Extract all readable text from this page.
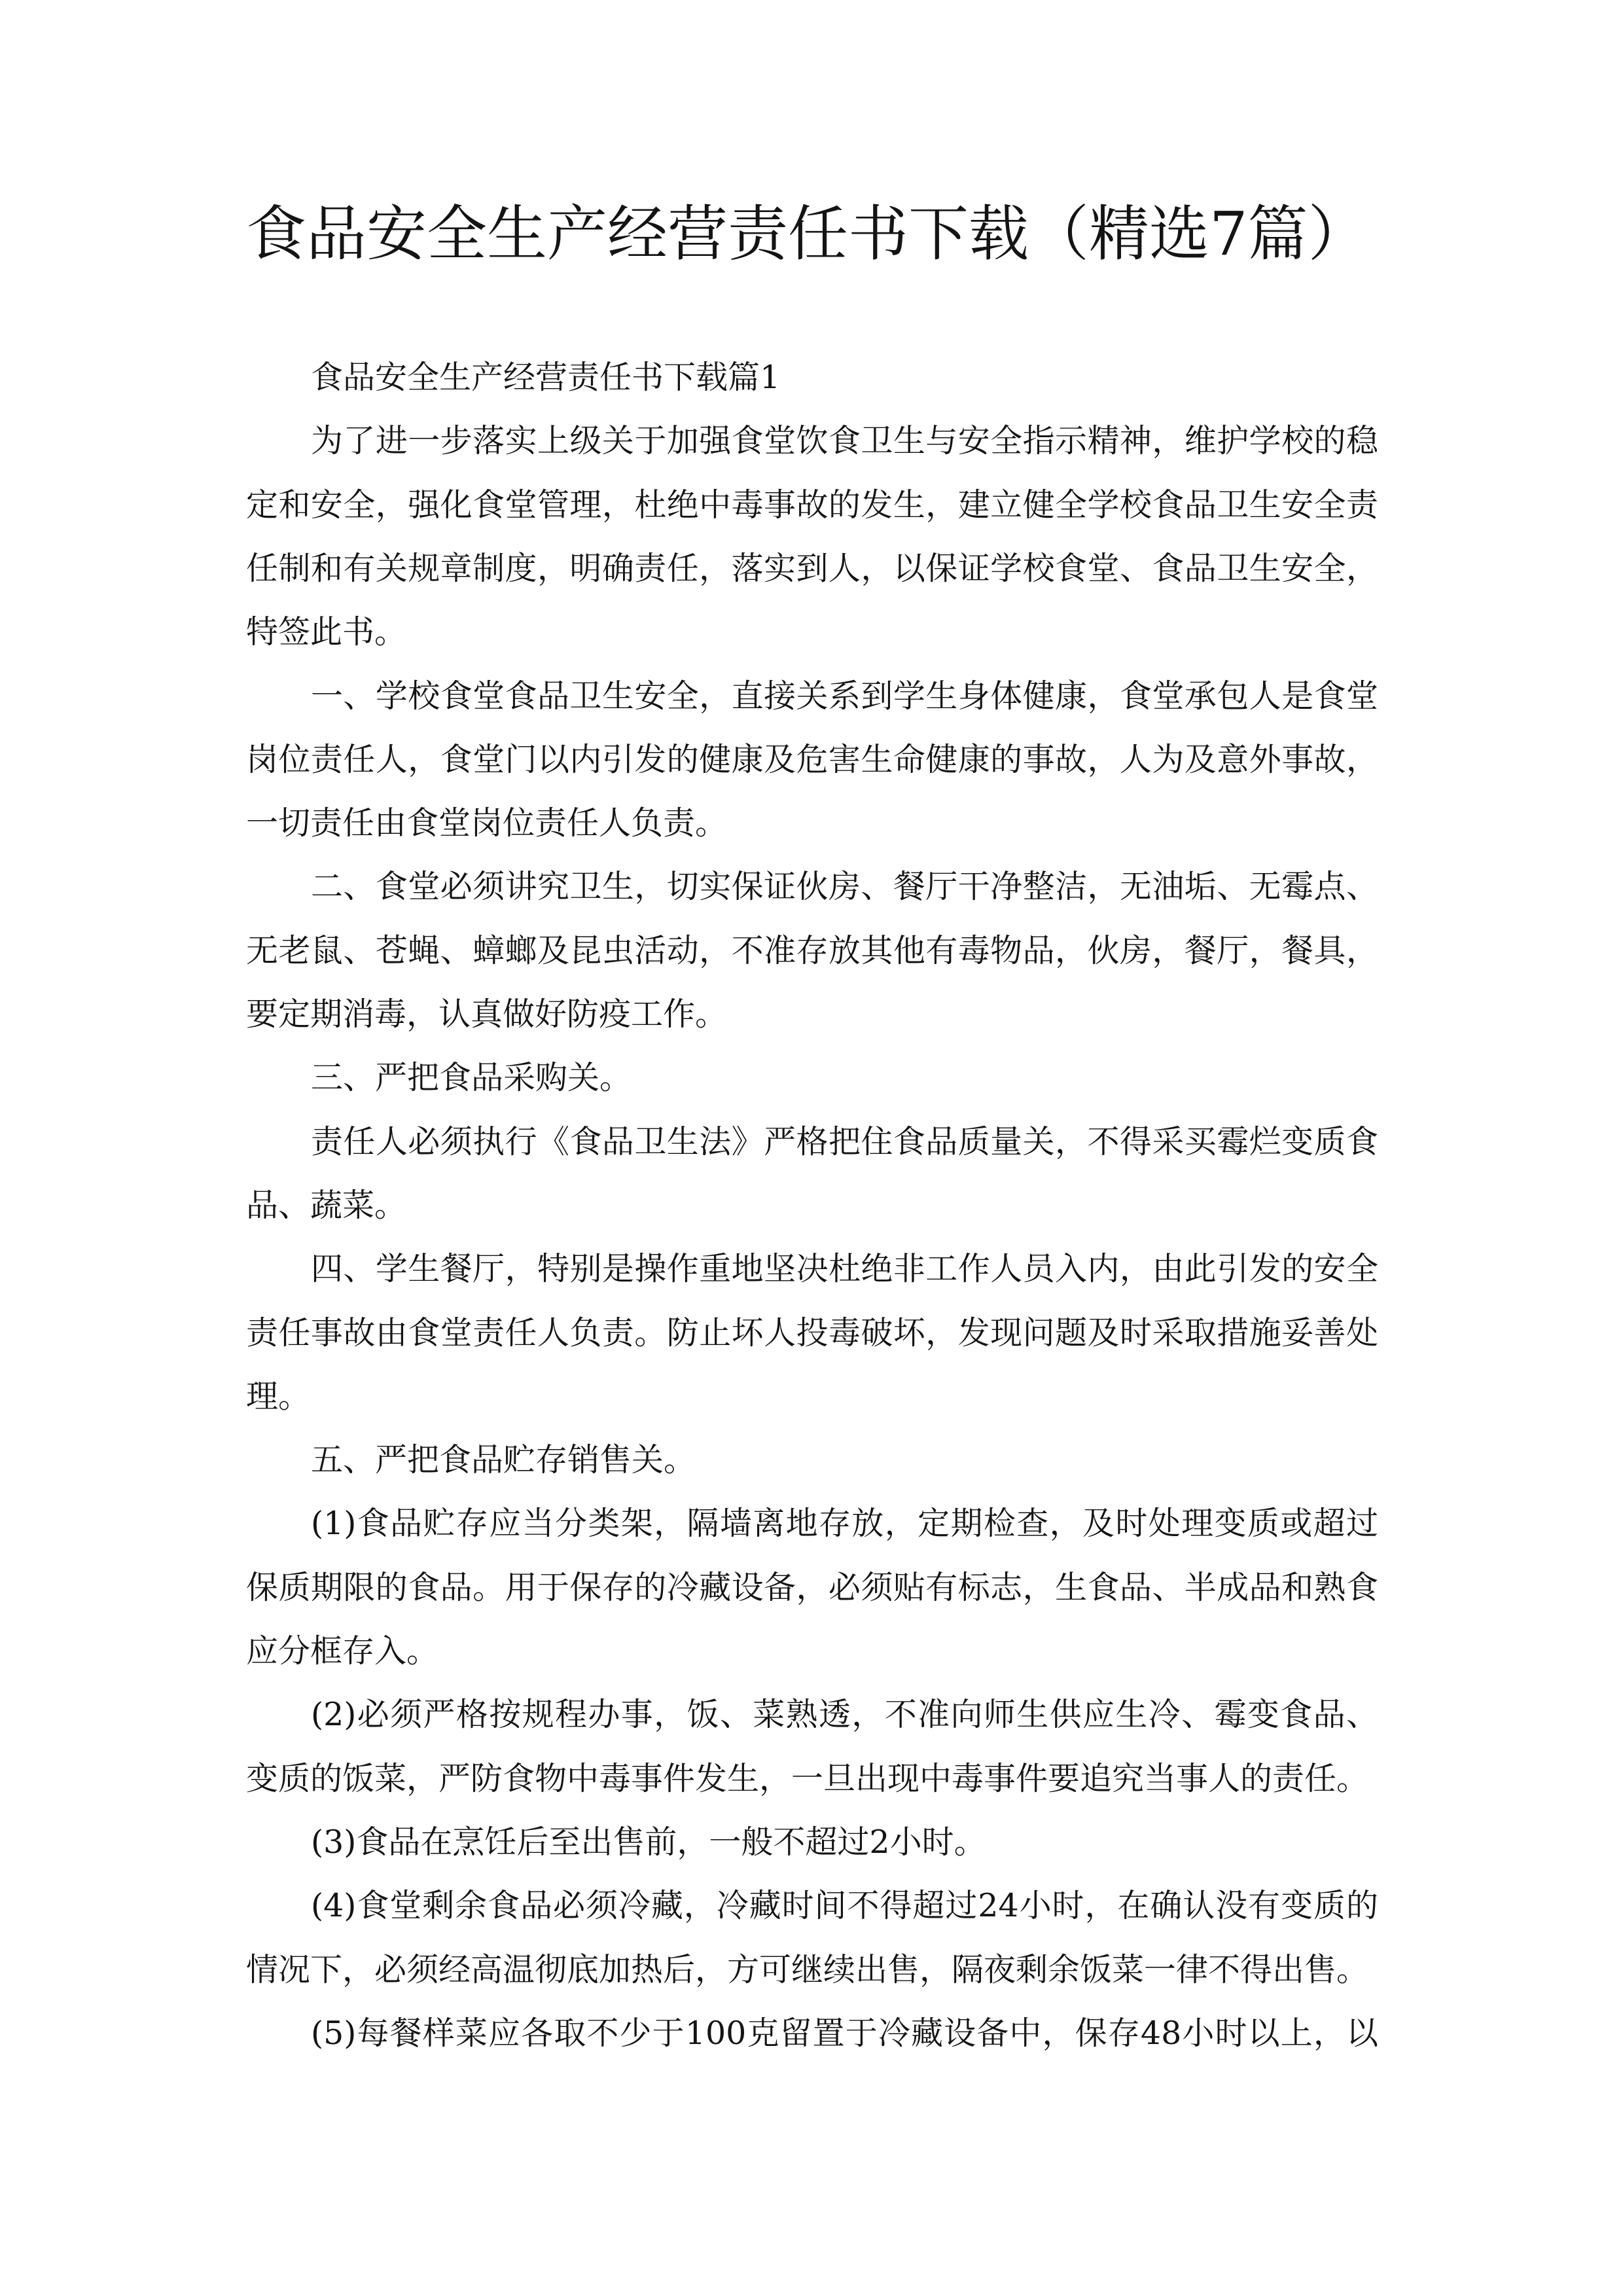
食品安全生产经营责任书下载（精选7篇）
食品安全生产经营责任书下载篇1
为了进一步落实上级关于加强食堂饮食卫生与安全指示精神，维护学校的稳
定和安全，强化食堂管理，杜绝中毒事故的发生，建立健全学校食品卫生安全责
任制和有关规章制度，明确责任，落实到人，以保证学校食堂、食品卫生安全，
特签此书。
一、学校食堂食品卫生安全，直接关系到学生身体健康，食堂承包人是食堂
岗位责任人，食堂门以内引发的健康及危害生命健康的事故，人为及意外事故，
一切责任由食堂岗位责任人负责。
二、食堂必须讲究卫生，切实保证伙房、餐厅干净整洁，无油垢、无霉点、
无老鼠、苍蝇、蟑螂及昆虫活动，不准存放其他有毒物品，伙房，餐厅，餐具，
要定期消毒，认真做好防疫工作。
三、严把食品采购关。
责任人必须执行《食品卫生法》严格把住食品质量关，不得采买霉烂变质食
品、蔬菜。
四、学生餐厅，特别是操作重地坚决杜绝非工作人员入内，由此引发的安全
责任事故由食堂责任人负责。防止坏人投毒破坏，发现问题及时采取措施妥善处
理。
五、严把食品贮存销售关。
(1)食品贮存应当分类架，隔墙离地存放，定期检查，及时处理变质或超过
保质期限的食品。用于保存的冷藏设备，必须贴有标志，生食品、半成品和熟食
应分框存入。
(2)必须严格按规程办事，饭、菜熟透，不准向师生供应生冷、霉变食品、
变质的饭菜，严防食物中毒事件发生，一旦出现中毒事件要追究当事人的责任。
(3)食品在烹饪后至出售前，一般不超过2小时。
(4)食堂剩余食品必须冷藏，冷藏时间不得超过24小时，在确认没有变质的
情况下，必须经高温彻底加热后，方可继续出售，隔夜剩余饭菜一律不得出售。
(5)每餐样菜应各取不少于100克留置于冷藏设备中，保存48小时以上，以
